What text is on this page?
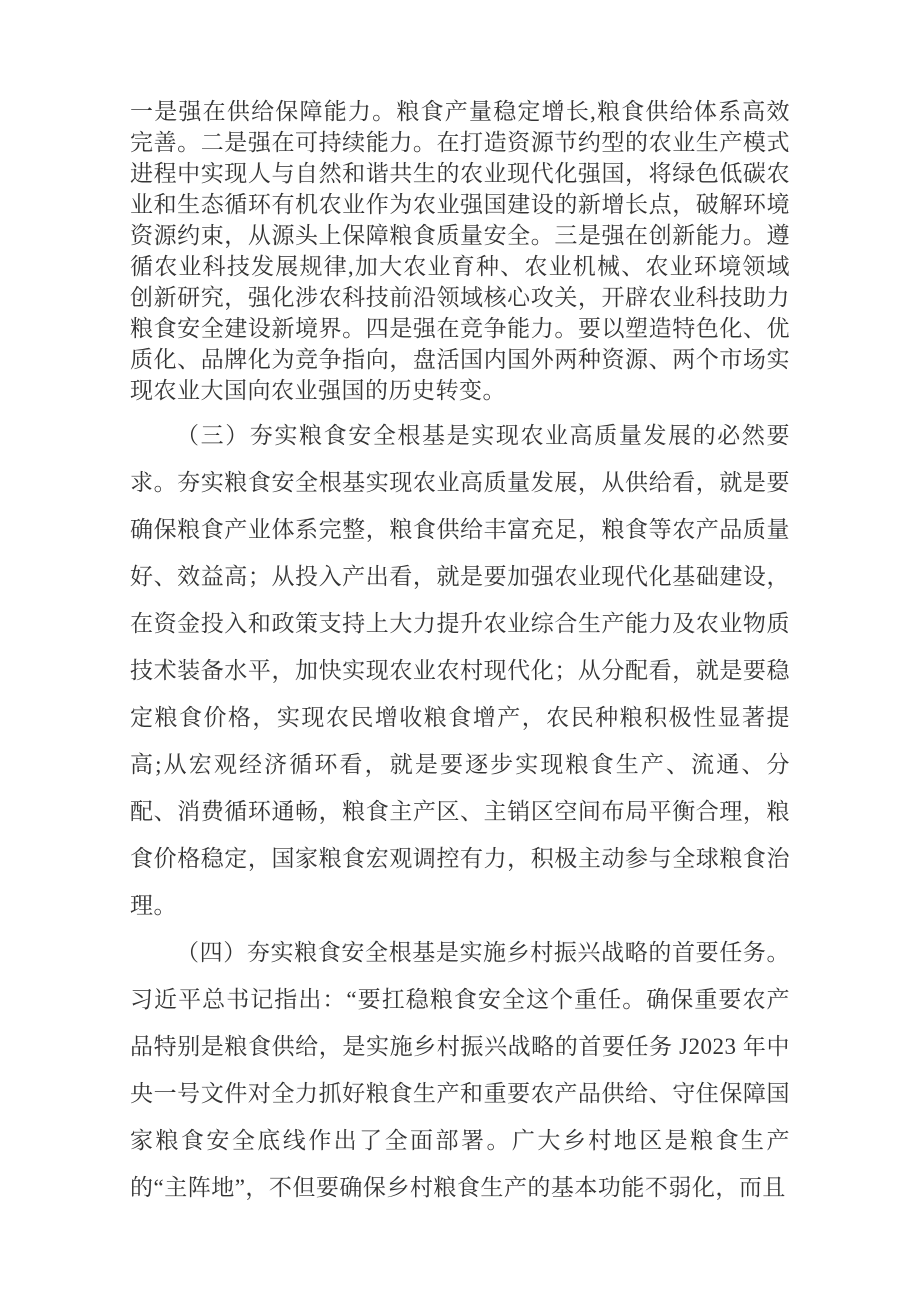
一是强在供给保障能力。粮食产量稳定增长,粮食供给体系高效完善。二是强在可持续能力。在打造资源节约型的农业生产模式进程中实现人与自然和谐共生的农业现代化强国，将绿色低碳农业和生态循环有机农业作为农业强国建设的新增长点，破解环境资源约束，从源头上保障粮食质量安全。三是强在创新能力。遵循农业科技发展规律,加大农业育种、农业机械、农业环境领域创新研究，强化涉农科技前沿领域核心攻关，开辟农业科技助力粮食安全建设新境界。四是强在竞争能力。要以塑造特色化、优质化、品牌化为竞争指向，盘活国内国外两种资源、两个市场实现农业大国向农业强国的历史转变。

（三）夯实粮食安全根基是实现农业高质量发展的必然要求。夯实粮食安全根基实现农业高质量发展，从供给看，就是要确保粮食产业体系完整，粮食供给丰富充足，粮食等农产品质量好、效益高；从投入产出看，就是要加强农业现代化基础建设，在资金投入和政策支持上大力提升农业综合生产能力及农业物质技术装备水平，加快实现农业农村现代化；从分配看，就是要稳定粮食价格，实现农民增收粮食增产，农民种粮积极性显著提高;从宏观经济循环看，就是要逐步实现粮食生产、流通、分配、消费循环通畅，粮食主产区、主销区空间布局平衡合理，粮食价格稳定，国家粮食宏观调控有力，积极主动参与全球粮食治理。

（四）夯实粮食安全根基是实施乡村振兴战略的首要任务。习近平总书记指出：“要扛稳粮食安全这个重任。确保重要农产品特别是粮食供给，是实施乡村振兴战略的首要任务 J2023 年中央一号文件对全力抓好粮食生产和重要农产品供给、守住保障国家粮食安全底线作出了全面部署。广大乡村地区是粮食生产的“主阵地”，不但要确保乡村粮食生产的基本功能不弱化，而且
